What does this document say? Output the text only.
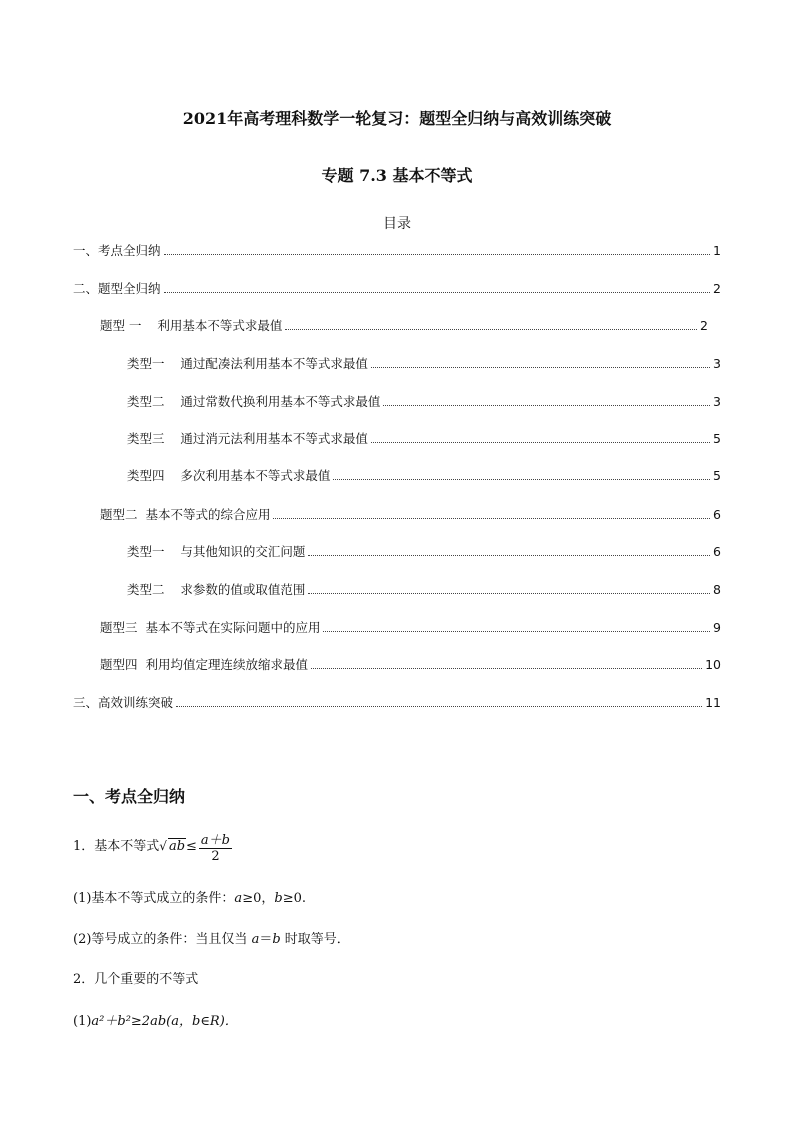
2021年高考理科数学一轮复习：题型全归纳与高效训练突破
专题 7.3 基本不等式
目录
一、考点全归纳	1
二、题型全归纳	2
题型 一    利用基本不等式求最值	2
类型一    通过配凑法利用基本不等式求最值	3
类型二    通过常数代换利用基本不等式求最值	3
类型三    通过消元法利用基本不等式求最值	5
类型四    多次利用基本不等式求最值	5
题型二  基本不等式的综合应用	6
类型一    与其他知识的交汇问题	6
类型二    求参数的值或取值范围	8
题型三  基本不等式在实际问题中的应用	9
题型四  利用均值定理连续放缩求最值	10
三、高效训练突破	11
一、考点全归纳
1．基本不等式√ $ab\le \frac{a+b}{2}$
(1)基本不等式成立的条件：a≥0，b≥0.
(2)等号成立的条件：当且仅当 a＝b 时取等号．
2．几个重要的不等式
(1)a²＋b²≥2ab(a，b∈R)．
